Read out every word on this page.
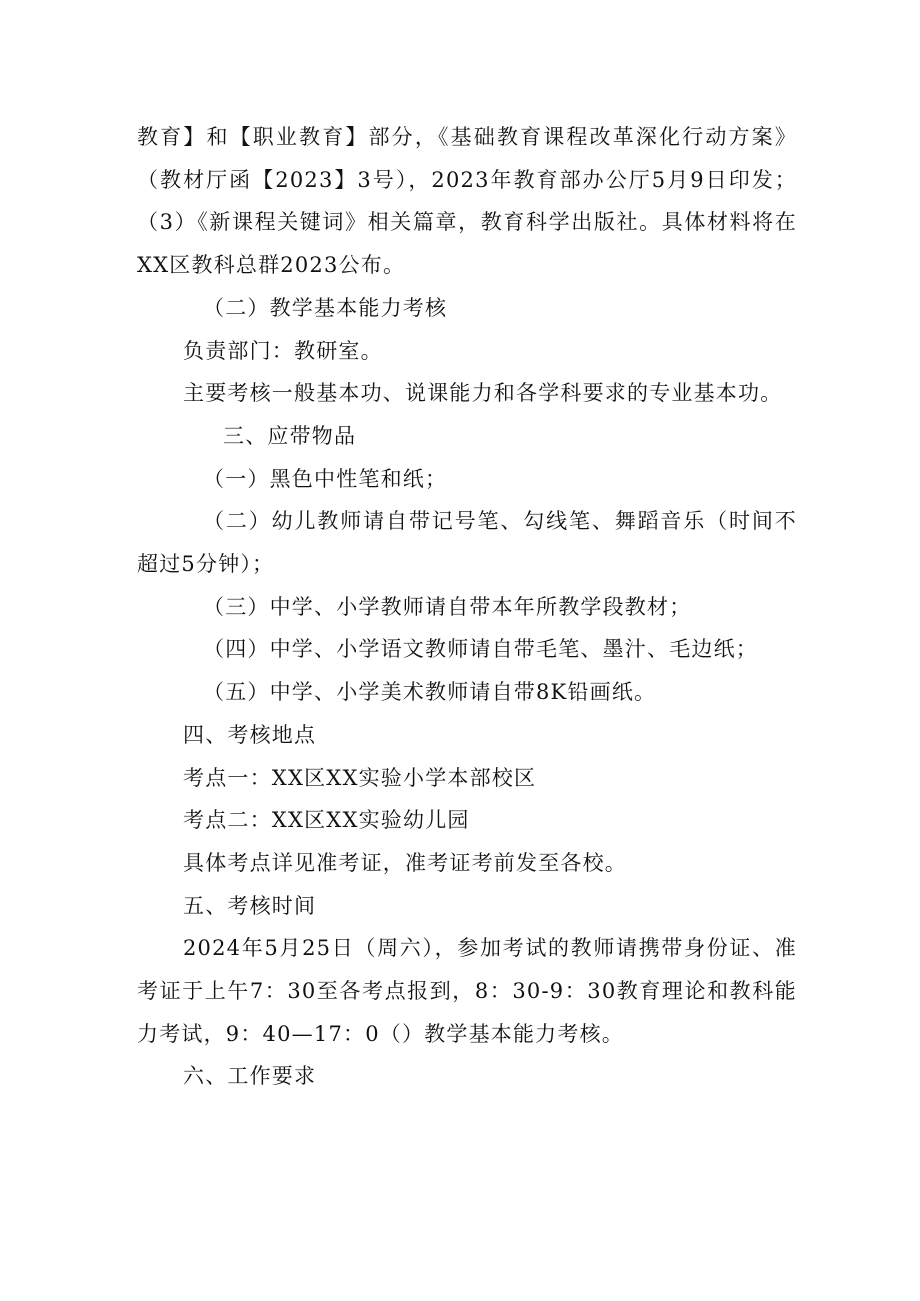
教育】和【职业教育】部分，《基础教育课程改革深化行动方案》（教材厅函【2023】3号），2023年教育部办公厅5月9日印发；（3）《新课程关键词》相关篇章，教育科学出版社。具体材料将在XX区教科总群2023公布。

（二）教学基本能力考核

负责部门：教研室。

主要考核一般基本功、说课能力和各学科要求的专业基本功。

三、应带物品

（一）黑色中性笔和纸；

（二）幼儿教师请自带记号笔、勾线笔、舞蹈音乐（时间不超过5分钟）；

（三）中学、小学教师请自带本年所教学段教材；

（四）中学、小学语文教师请自带毛笔、墨汁、毛边纸；

（五）中学、小学美术教师请自带8K铅画纸。

四、考核地点

考点一：XX区XX实验小学本部校区

考点二：XX区XX实验幼儿园

具体考点详见准考证，准考证考前发至各校。

五、考核时间

2024年5月25日（周六），参加考试的教师请携带身份证、准考证于上午7：30至各考点报到，8：30-9：30教育理论和教科能力考试，9：40—17：0（）教学基本能力考核。

六、工作要求
